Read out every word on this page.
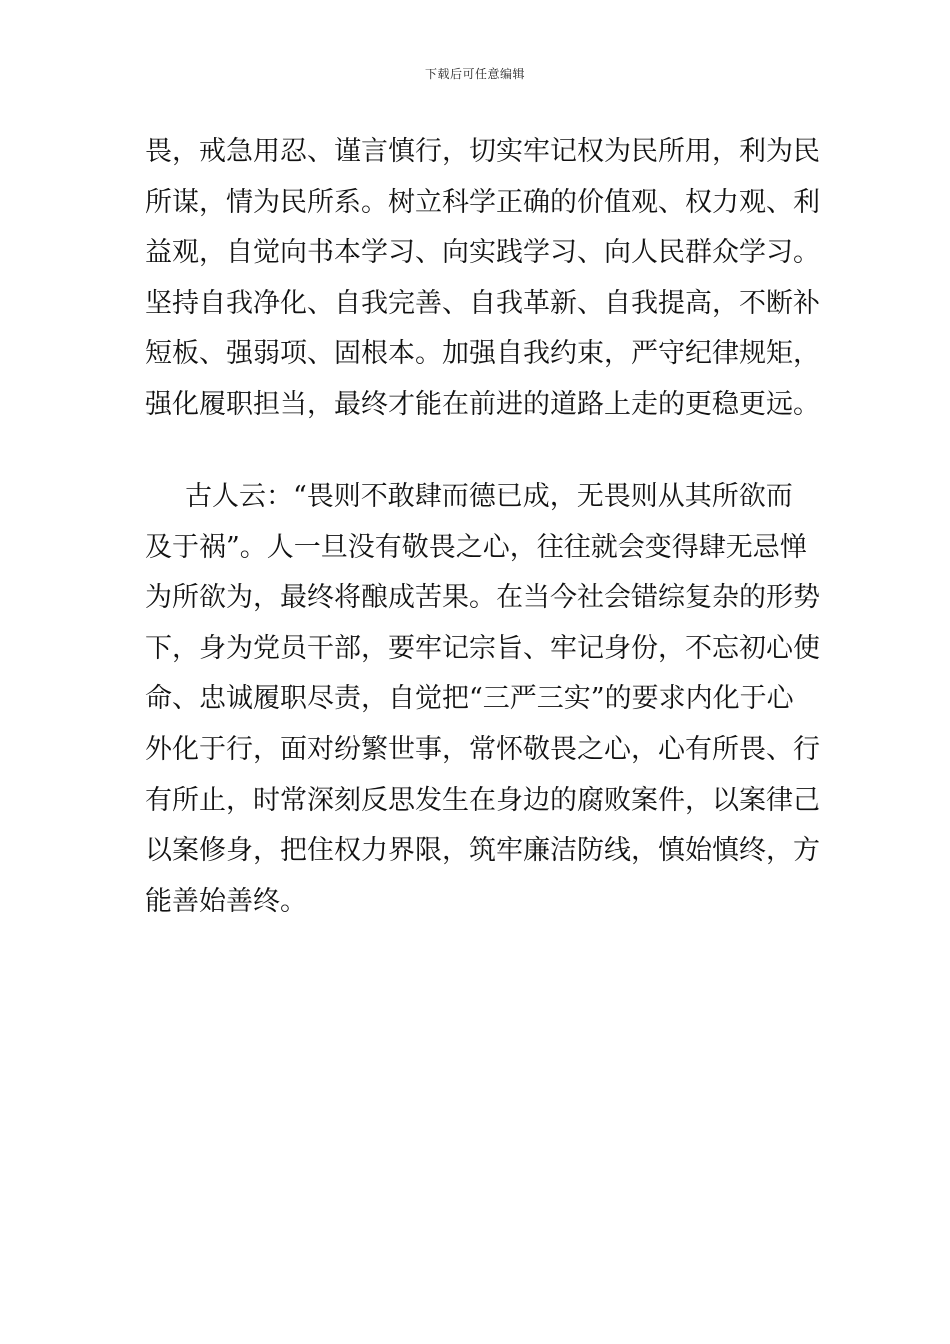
下载后可任意编辑
畏，戒急用忍、谨言慎行，切实牢记权为民所用，利为民
所谋，情为民所系。树立科学正确的价值观、权力观、利
益观，自觉向书本学习、向实践学习、向人民群众学习。
坚持自我净化、自我完善、自我革新、自我提高，不断补
短板、强弱项、固根本。加强自我约束，严守纪律规矩，
强化履职担当，最终才能在前进的道路上走的更稳更远。
古人云：“畏则不敢肆而德已成，无畏则从其所欲而
及于祸”。人一旦没有敬畏之心，往往就会变得肆无忌惮
为所欲为，最终将酿成苦果。在当今社会错综复杂的形势
下，身为党员干部，要牢记宗旨、牢记身份，不忘初心使
命、忠诚履职尽责，自觉把“三严三实”的要求内化于心
外化于行，面对纷繁世事，常怀敬畏之心，心有所畏、行
有所止，时常深刻反思发生在身边的腐败案件，以案律己
以案修身，把住权力界限，筑牢廉洁防线，慎始慎终，方
能善始善终。
